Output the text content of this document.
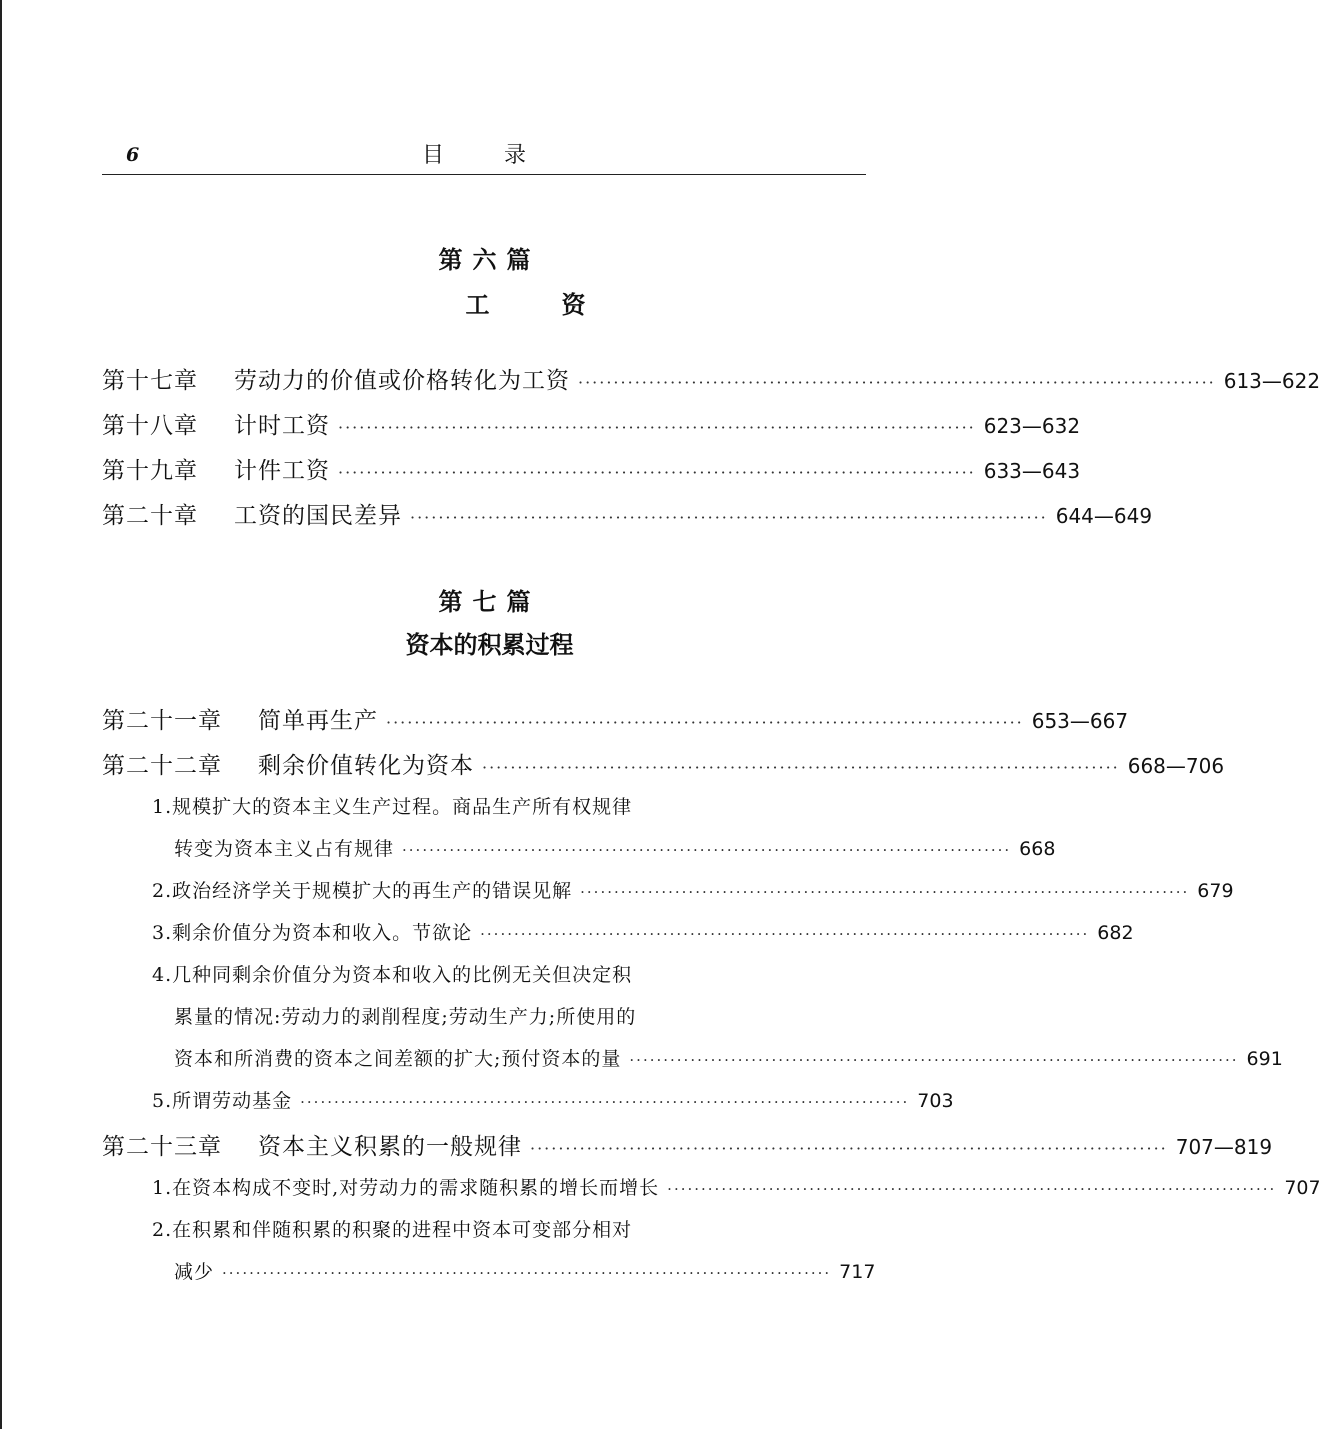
6	目录
第六篇
工资
第十七章	劳动力的价值或价格转化为工资 ·························································································· 613—622
第十八章	计时工资 ·························································································· 623—632
第十九章	计件工资 ·························································································· 633—643
第二十章	工资的国民差异 ·························································································· 644—649
第七篇
资本的积累过程
第二十一章	简单再生产 ·························································································· 653—667
第二十二章	剩余价值转化为资本 ·························································································· 668—706
1.规模扩大的资本主义生产过程。商品生产所有权规律
转变为资本主义占有规律 ·························································································· 668
2.政治经济学关于规模扩大的再生产的错误见解 ·························································································· 679
3.剩余价值分为资本和收入。节欲论 ·························································································· 682
4.几种同剩余价值分为资本和收入的比例无关但决定积
累量的情况:劳动力的剥削程度;劳动生产力;所使用的
资本和所消费的资本之间差额的扩大;预付资本的量 ·························································································· 691
5.所谓劳动基金 ·························································································· 703
第二十三章	资本主义积累的一般规律 ·························································································· 707—819
1.在资本构成不变时,对劳动力的需求随积累的增长而增长 ·························································································· 707
2.在积累和伴随积累的积聚的进程中资本可变部分相对
减少 ·························································································· 717
